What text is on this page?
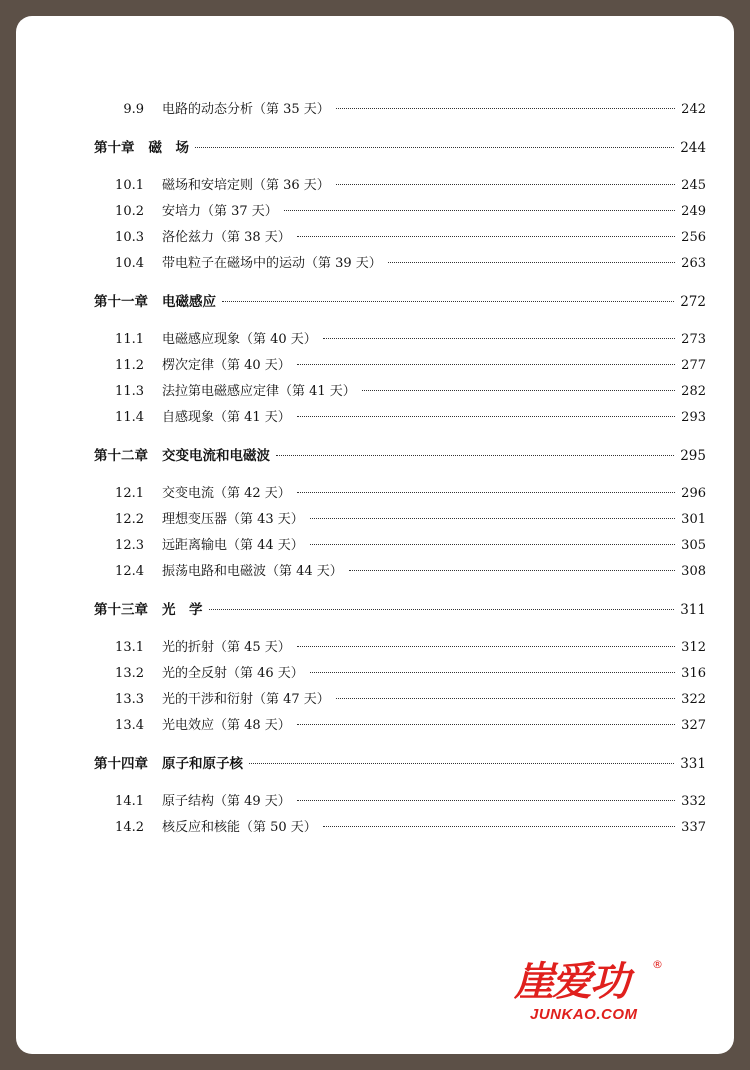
9.9	电路的动态分析（第 35 天）	242
第十章	磁　场	244
10.1	磁场和安培定则（第 36 天）	245
10.2	安培力（第 37 天）	249
10.3	洛伦兹力（第 38 天）	256
10.4	带电粒子在磁场中的运动（第 39 天）	263
第十一章	电磁感应	272
11.1	电磁感应现象（第 40 天）	273
11.2	楞次定律（第 40 天）	277
11.3	法拉第电磁感应定律（第 41 天）	282
11.4	自感现象（第 41 天）	293
第十二章	交变电流和电磁波	295
12.1	交变电流（第 42 天）	296
12.2	理想变压器（第 43 天）	301
12.3	远距离输电（第 44 天）	305
12.4	振荡电路和电磁波（第 44 天）	308
第十三章	光　学	311
13.1	光的折射（第 45 天）	312
13.2	光的全反射（第 46 天）	316
13.3	光的干涉和衍射（第 47 天）	322
13.4	光电效应（第 48 天）	327
第十四章	原子和原子核	331
14.1	原子结构（第 49 天）	332
14.2	核反应和核能（第 50 天）	337
崖爱功 ®
JUNKAO.COM
